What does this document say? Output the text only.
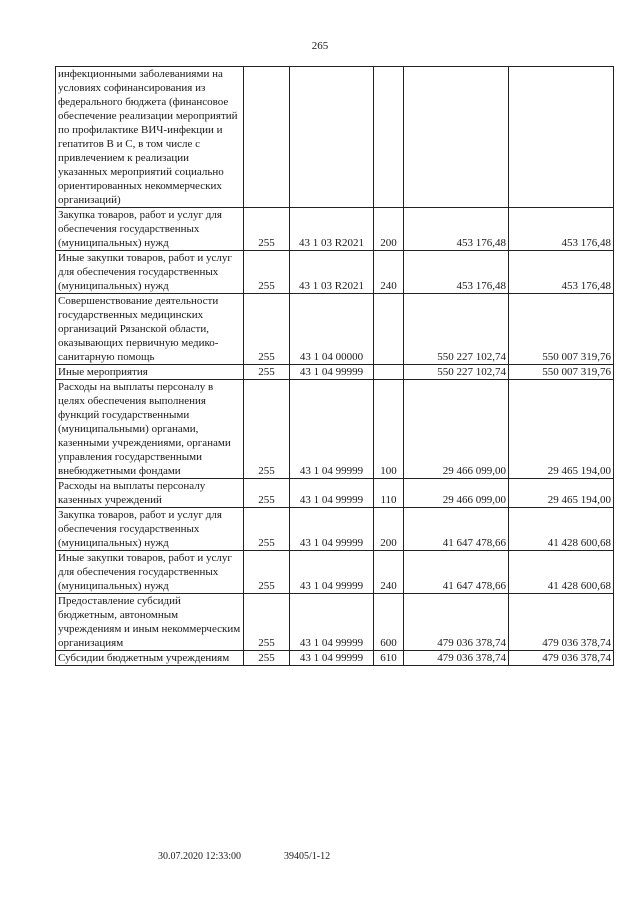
265
инфекционными заболеваниями на условиях софинансирования из федерального бюджета (финансовое обеспечение реализации мероприятий по профилактике ВИЧ-инфекции и гепатитов В и С, в том числе с привлечением к реализации указанных мероприятий социально ориентированных некоммерческих организаций)					
Закупка товаров, работ и услуг для обеспечения государственных (муниципальных) нужд	255	43 1 03 R2021	200	453 176,48	453 176,48
Иные закупки товаров, работ и услуг для обеспечения государственных (муниципальных) нужд	255	43 1 03 R2021	240	453 176,48	453 176,48
Совершенствование деятельности государственных медицинских организаций Рязанской области, оказывающих первичную медико-санитарную помощь	255	43 1 04 00000		550 227 102,74	550 007 319,76
Иные мероприятия	255	43 1 04 99999		550 227 102,74	550 007 319,76
Расходы на выплаты персоналу в целях обеспечения выполнения функций государственными (муниципальными) органами, казенными учреждениями, органами управления государственными внебюджетными фондами	255	43 1 04 99999	100	29 466 099,00	29 465 194,00
Расходы на выплаты персоналу казенных учреждений	255	43 1 04 99999	110	29 466 099,00	29 465 194,00
Закупка товаров, работ и услуг для обеспечения государственных (муниципальных) нужд	255	43 1 04 99999	200	41 647 478,66	41 428 600,68
Иные закупки товаров, работ и услуг для обеспечения государственных (муниципальных) нужд	255	43 1 04 99999	240	41 647 478,66	41 428 600,68
Предоставление субсидий бюджетным, автономным учреждениям и иным некоммерческим организациям	255	43 1 04 99999	600	479 036 378,74	479 036 378,74
Субсидии бюджетным учреждениям	255	43 1 04 99999	610	479 036 378,74	479 036 378,74
30.07.2020 12:33:00	39405/1-12
